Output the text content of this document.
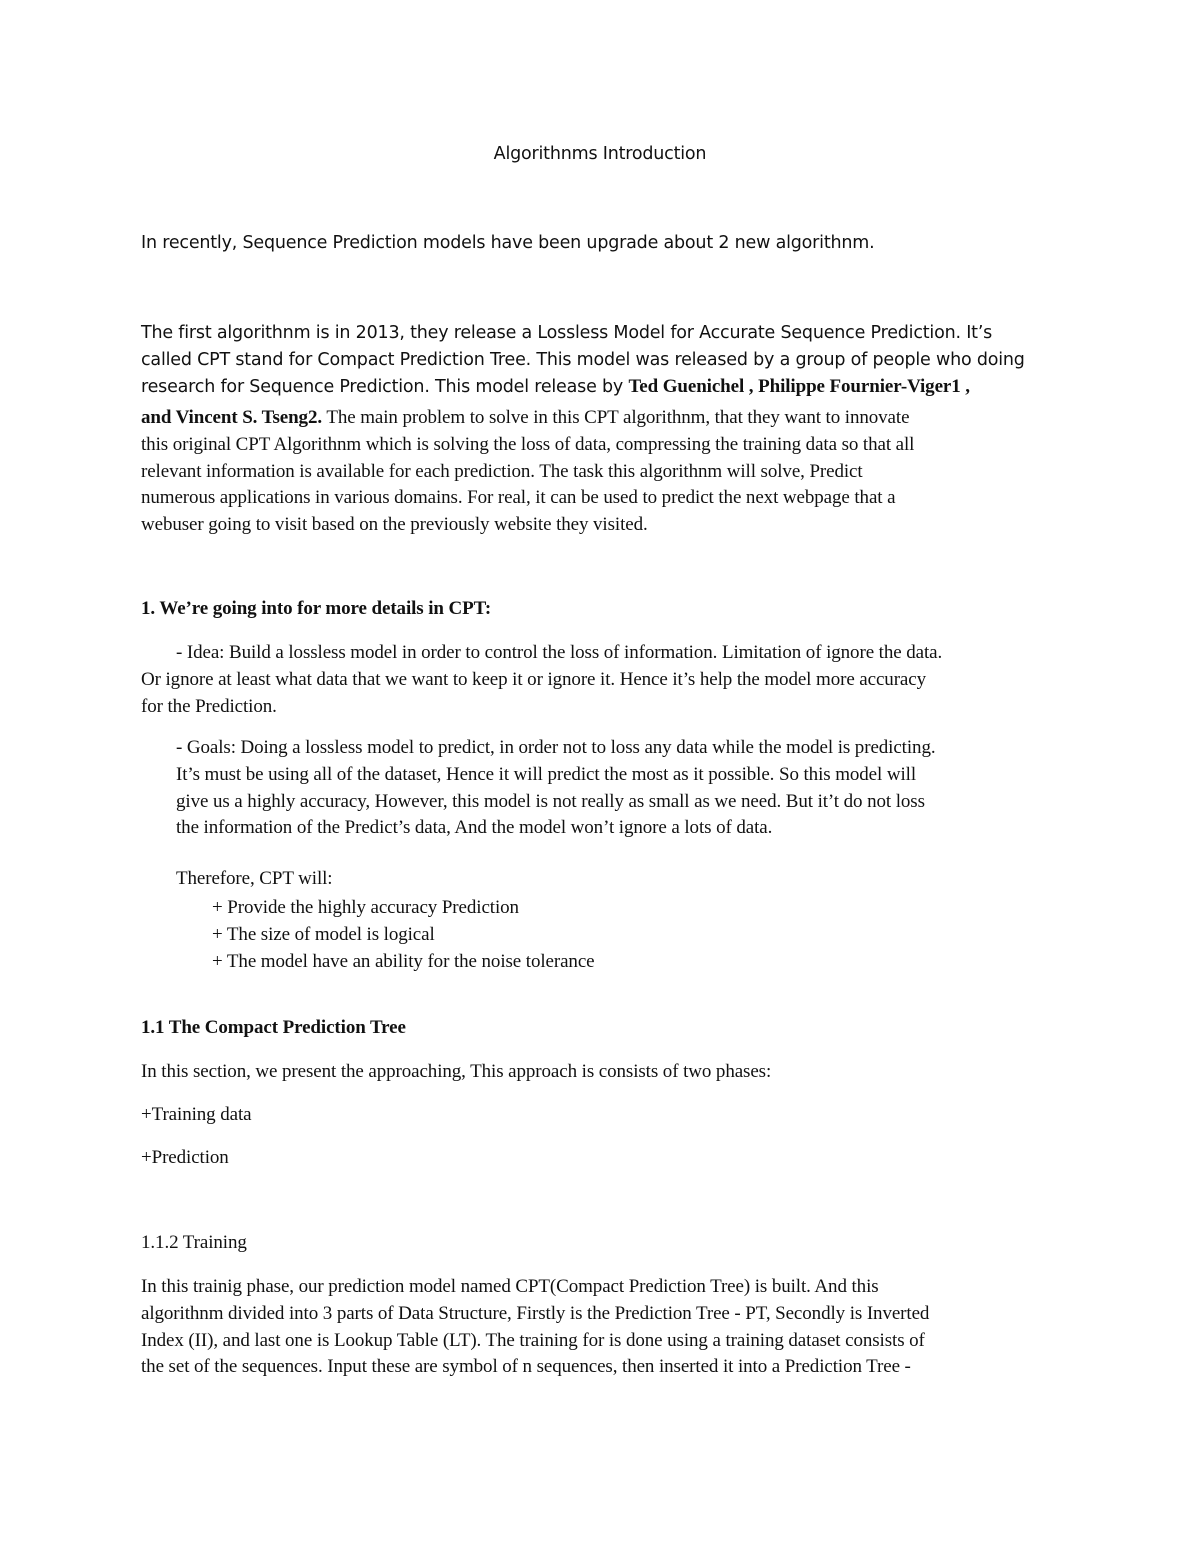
Algorithnms Introduction

In recently, Sequence Prediction models have been upgrade about 2 new algorithnm.

The first algorithnm is in 2013, they release a Lossless Model for Accurate Sequence Prediction. It’s
called CPT stand for Compact Prediction Tree. This model was released by a group of people who doing
research for Sequence Prediction. This model release by Ted Guenichel , Philippe Fournier-Viger1 ,
and Vincent S. Tseng2. The main problem to solve in this CPT algorithnm, that they want to innovate
this original CPT Algorithnm which is solving the loss of data, compressing the training data so that all
relevant information is available for each prediction. The task this algorithnm will solve, Predict
numerous applications in various domains. For real, it can be used to predict the next webpage that a
webuser going to visit based on the previously website they visited.

1. We’re going into for more details in CPT:

- Idea: Build a lossless model in order to control the loss of information. Limitation of ignore the data.
Or ignore at least what data that we want to keep it or ignore it. Hence it’s help the model more accuracy
for the Prediction.
- Goals: Doing a lossless model to predict, in order not to loss any data while the model is predicting.
It’s must be using all of the dataset, Hence it will predict the most as it possible. So this model will
give us a highly accuracy, However, this model is not really as small as we need. But it’t do not loss
the information of the Predict’s data, And the model won’t ignore a lots of data.

Therefore, CPT will:

+ Provide the highly accuracy Prediction
+ The size of model is logical
+ The model have an ability for the noise tolerance

1.1 The Compact Prediction Tree

In this section, we present the approaching, This approach is consists of two phases:

+Training data

+Prediction

1.1.2 Training

In this trainig phase, our prediction model named CPT(Compact Prediction Tree) is built. And this
algorithnm divided into 3 parts of Data Structure, Firstly is the Prediction Tree - PT, Secondly is Inverted
Index (II), and last one is Lookup Table (LT). The training for is done using a training dataset consists of
the set of the sequences. Input these are symbol of n sequences, then inserted it into a Prediction Tree -
